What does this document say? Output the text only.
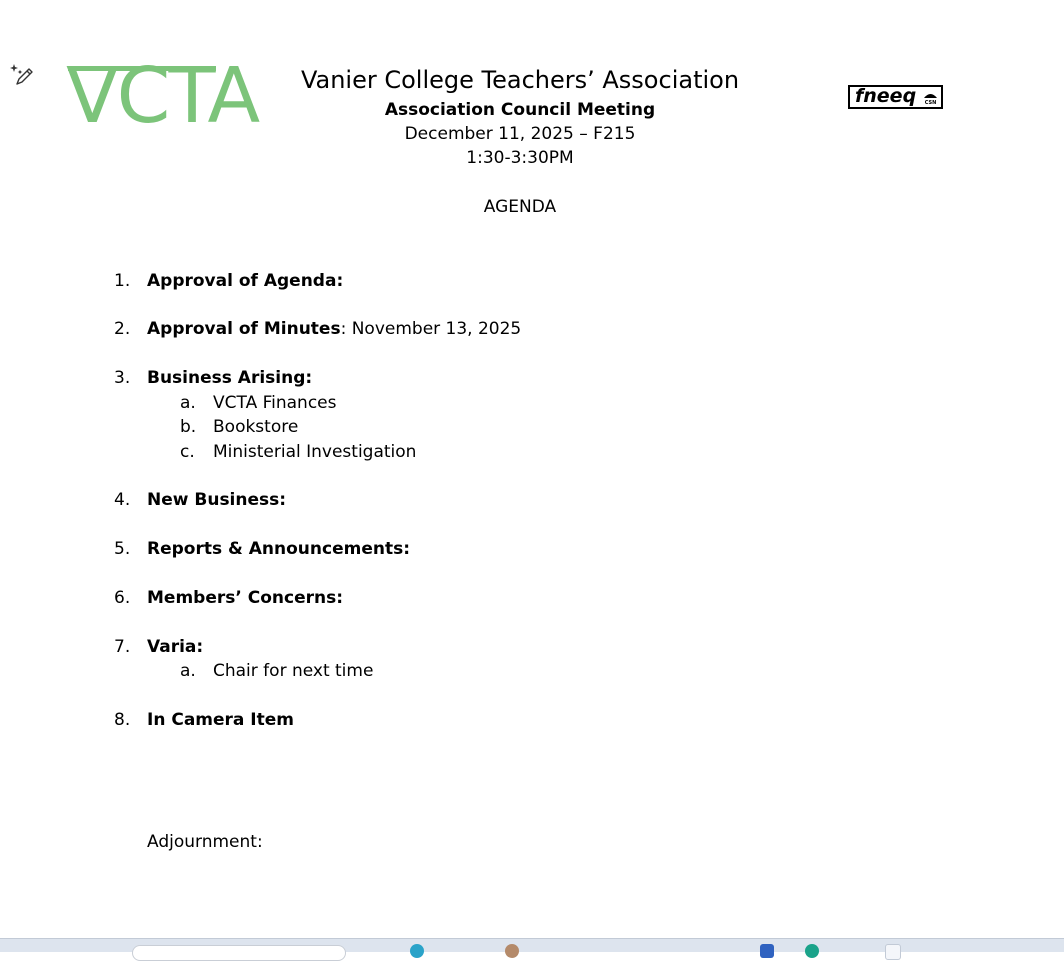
VCTA	fneeq CSN
Vanier College Teachers’ Association
Association Council Meeting
December 11, 2025 – F215
1:30-3:30PM
AGENDA
1. Approval of Agenda:
2. Approval of Minutes: November 13, 2025
3. Business Arising:
a. VCTA Finances
b. Bookstore
c. Ministerial Investigation
4. New Business:
5. Reports & Announcements:
6. Members’ Concerns:
7. Varia:
a. Chair for next time
8. In Camera Item
Adjournment:
